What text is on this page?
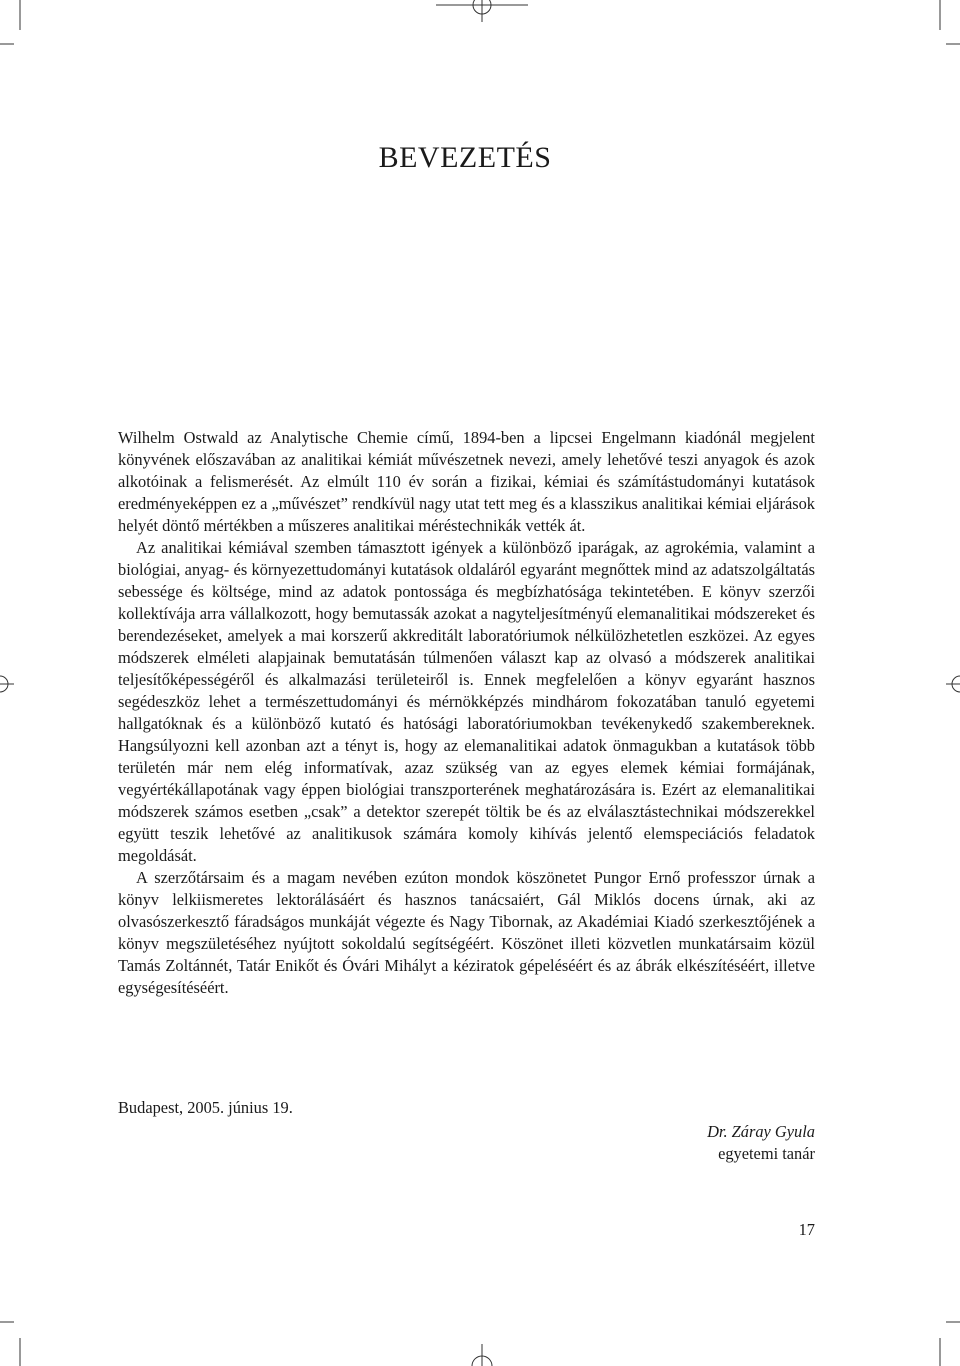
BEVEZETÉS

Wilhelm Ostwald az Analytische Chemie című, 1894-ben a lipcsei Engelmann kiadónál megjelent könyvének előszavában az analitikai kémiát művészetnek nevezi, amely lehetővé teszi anyagok és azok alkotóinak a felismerését. Az elmúlt 110 év során a fizikai, kémiai és számítástudományi kutatások eredményeképpen ez a „művészet” rendkívül nagy utat tett meg és a klasszikus analitikai kémiai eljárások helyét döntő mértékben a műszeres analitikai méréstechnikák vették át.

Az analitikai kémiával szemben támasztott igények a különböző iparágak, az agrokémia, valamint a biológiai, anyag- és környezettudományi kutatások oldaláról egyaránt megnőttek mind az adatszolgáltatás sebessége és költsége, mind az adatok pontossága és megbízhatósága tekintetében. E könyv szerzői kollektívája arra vállalkozott, hogy bemutassák azokat a nagyteljesítményű elemanalitikai módszereket és berendezéseket, amelyek a mai korszerű akkreditált laboratóriumok nélkülözhetetlen eszközei. Az egyes módszerek elméleti alapjainak bemutatásán túlmenően választ kap az olvasó a módszerek analitikai teljesítőképességéről és alkalmazási területeiről is. Ennek megfelelően a könyv egyaránt hasznos segédeszköz lehet a természettudományi és mérnökképzés mindhárom fokozatában tanuló egyetemi hallgatóknak és a különböző kutató és hatósági laboratóriumokban tevékenykedő szakembereknek. Hangsúlyozni kell azonban azt a tényt is, hogy az elemanalitikai adatok önmagukban a kutatások több területén már nem elég informatívak, azaz szükség van az egyes elemek kémiai formájának, vegyértékállapotának vagy éppen biológiai transzporterének meghatározására is. Ezért az elemanalitikai módszerek számos esetben „csak” a detektor szerepét töltik be és az elválasztástechnikai módszerekkel együtt teszik lehetővé az analitikusok számára komoly kihívás jelentő elemspeciációs feladatok megoldását.

A szerzőtársaim és a magam nevében ezúton mondok köszönetet Pungor Ernő professzor úrnak a könyv lelkiismeretes lektorálásáért és hasznos tanácsaiért, Gál Miklós docens úrnak, aki az olvasószerkesztő fáradságos munkáját végezte és Nagy Tibornak, az Akadémiai Kiadó szerkesztőjének a könyv megszületéséhez nyújtott sokoldalú segítségéért. Köszönet illeti közvetlen munkatársaim közül Tamás Zoltánnét, Tatár Enikőt és Óvári Mihályt a kéziratok gépeléséért és az ábrák elkészítéséért, illetve egységesítéséért.

Budapest, 2005. június 19.
Dr. Záray Gyula
egyetemi tanár
17
